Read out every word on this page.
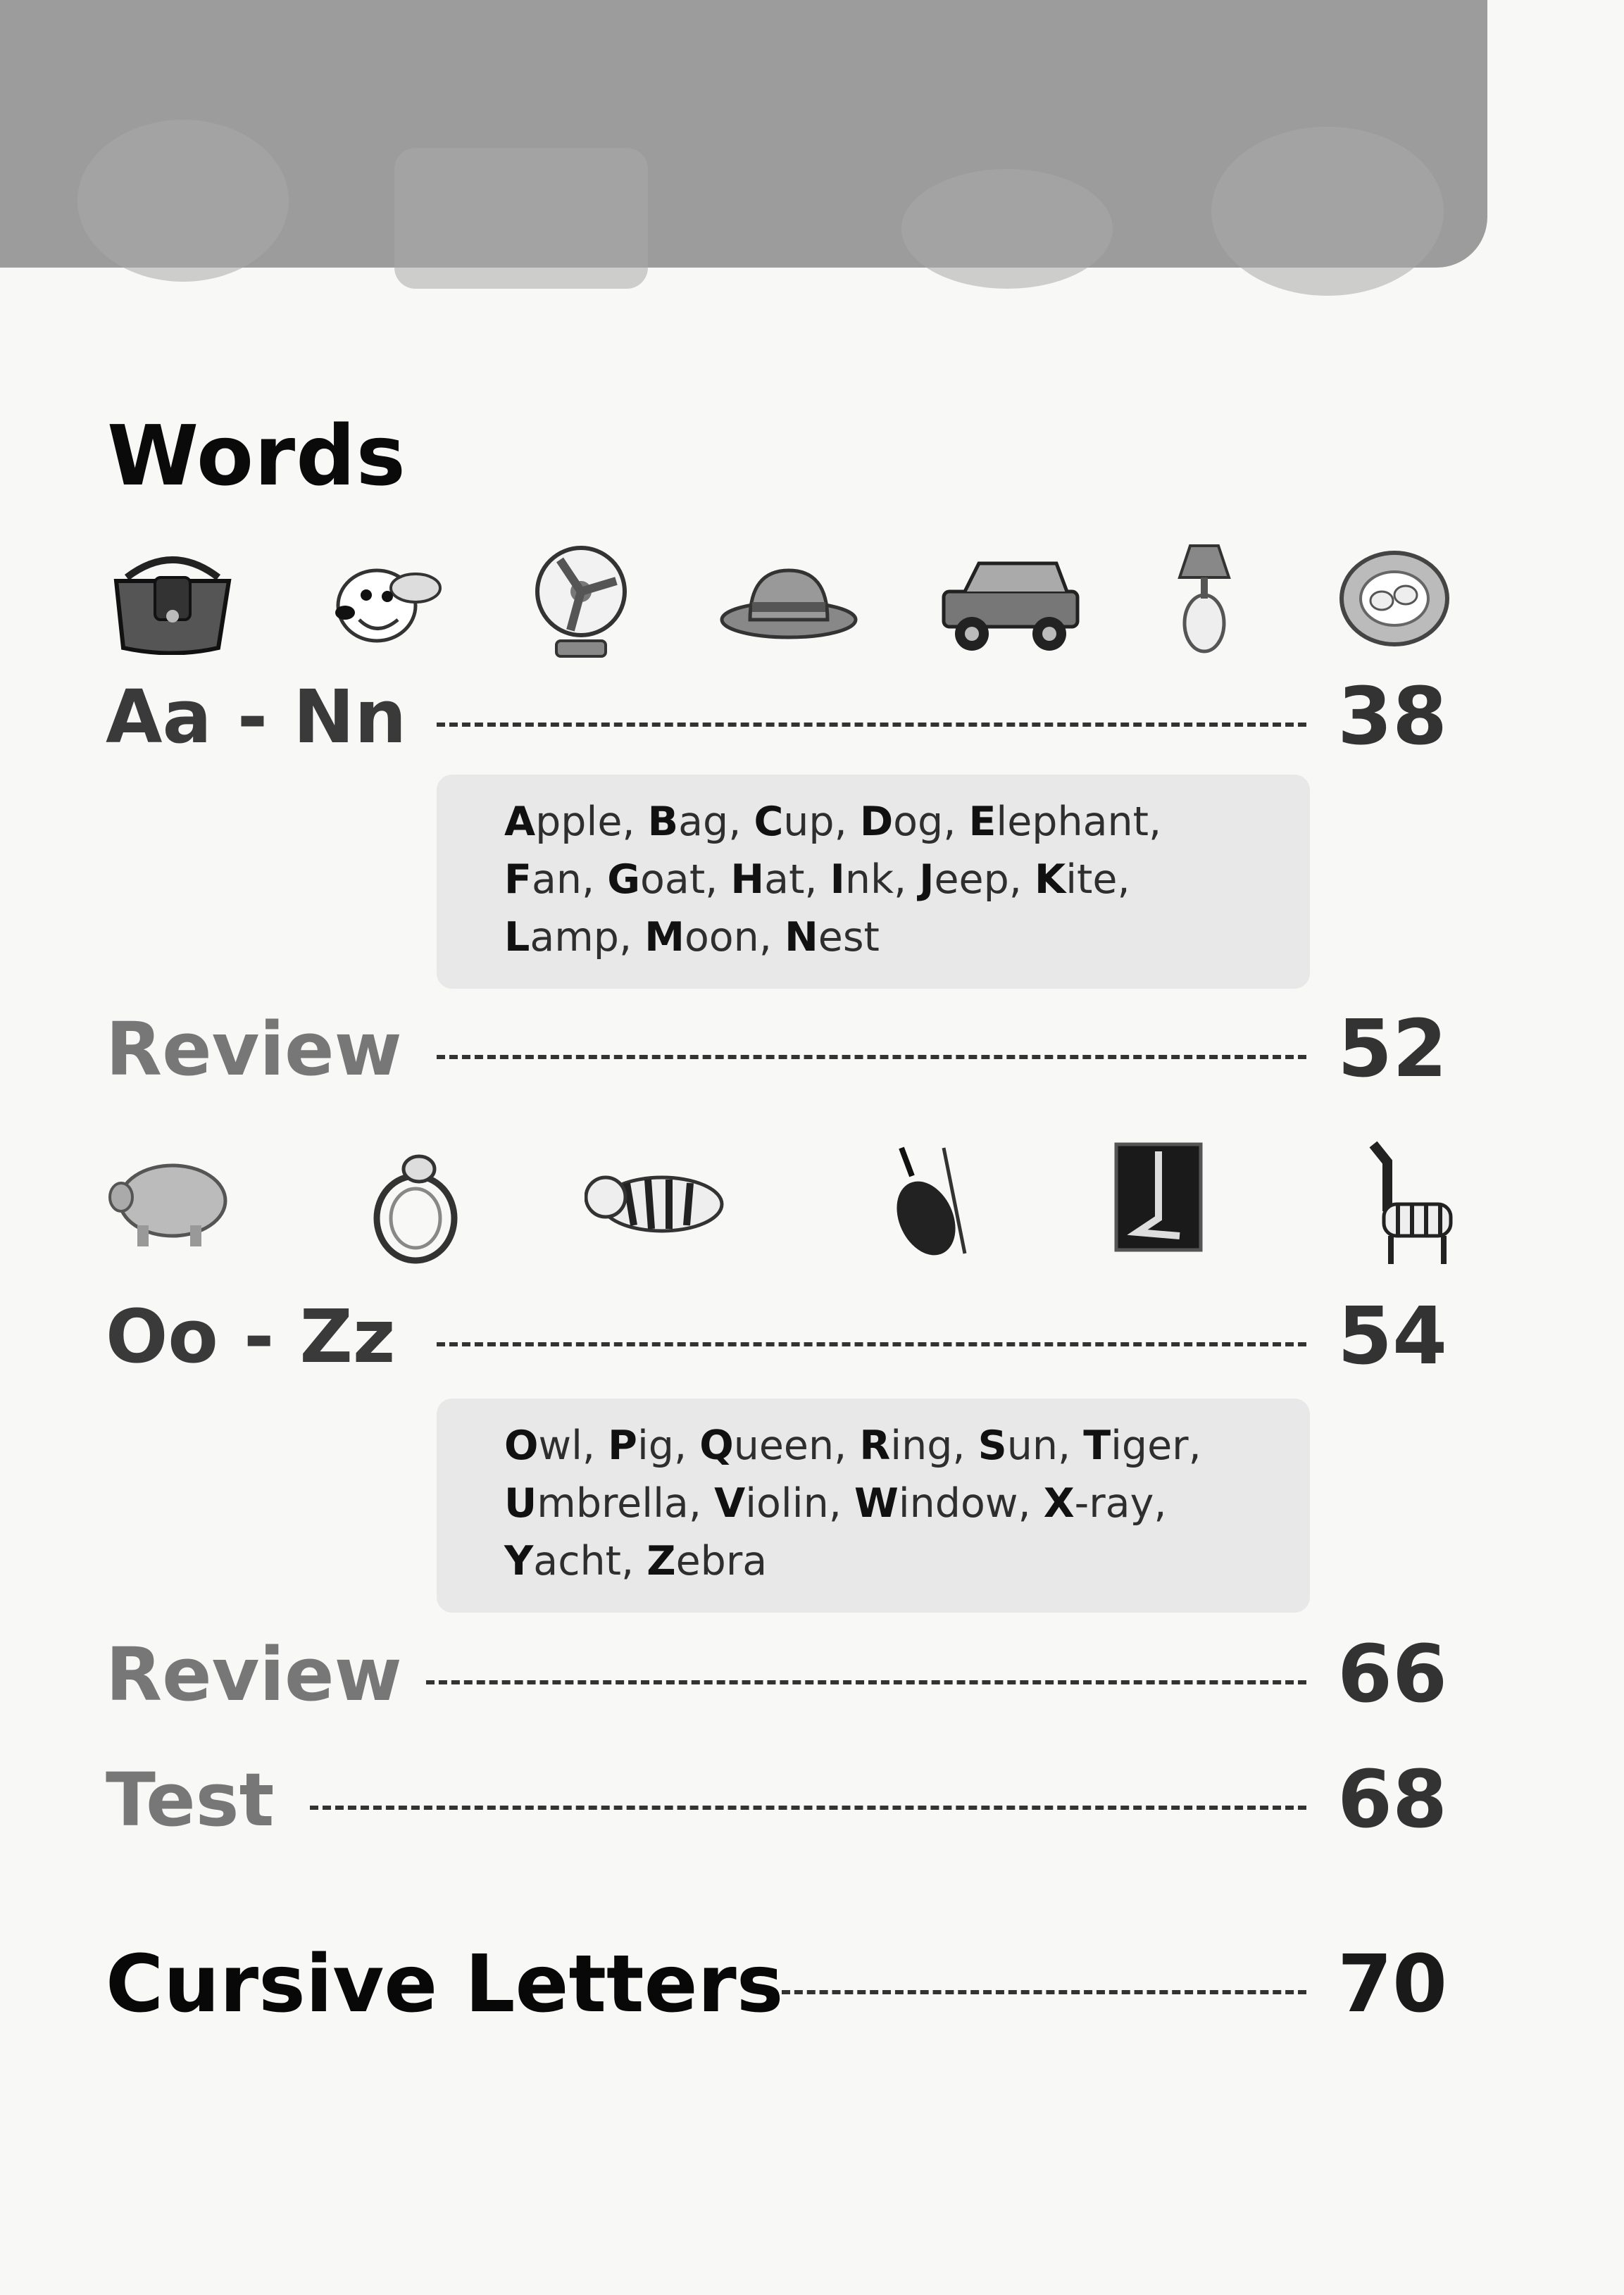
Words
Aa - Nn	38
Apple, Bag, Cup, Dog, Elephant,
Fan, Goat, Hat, Ink, Jeep, Kite,
Lamp, Moon, Nest
Review	52
Oo - Zz	54
Owl, Pig, Queen, Ring, Sun, Tiger,
Umbrella, Violin, Window, X-ray,
Yacht, Zebra
Review	66
Test	68
Cursive Letters	70
